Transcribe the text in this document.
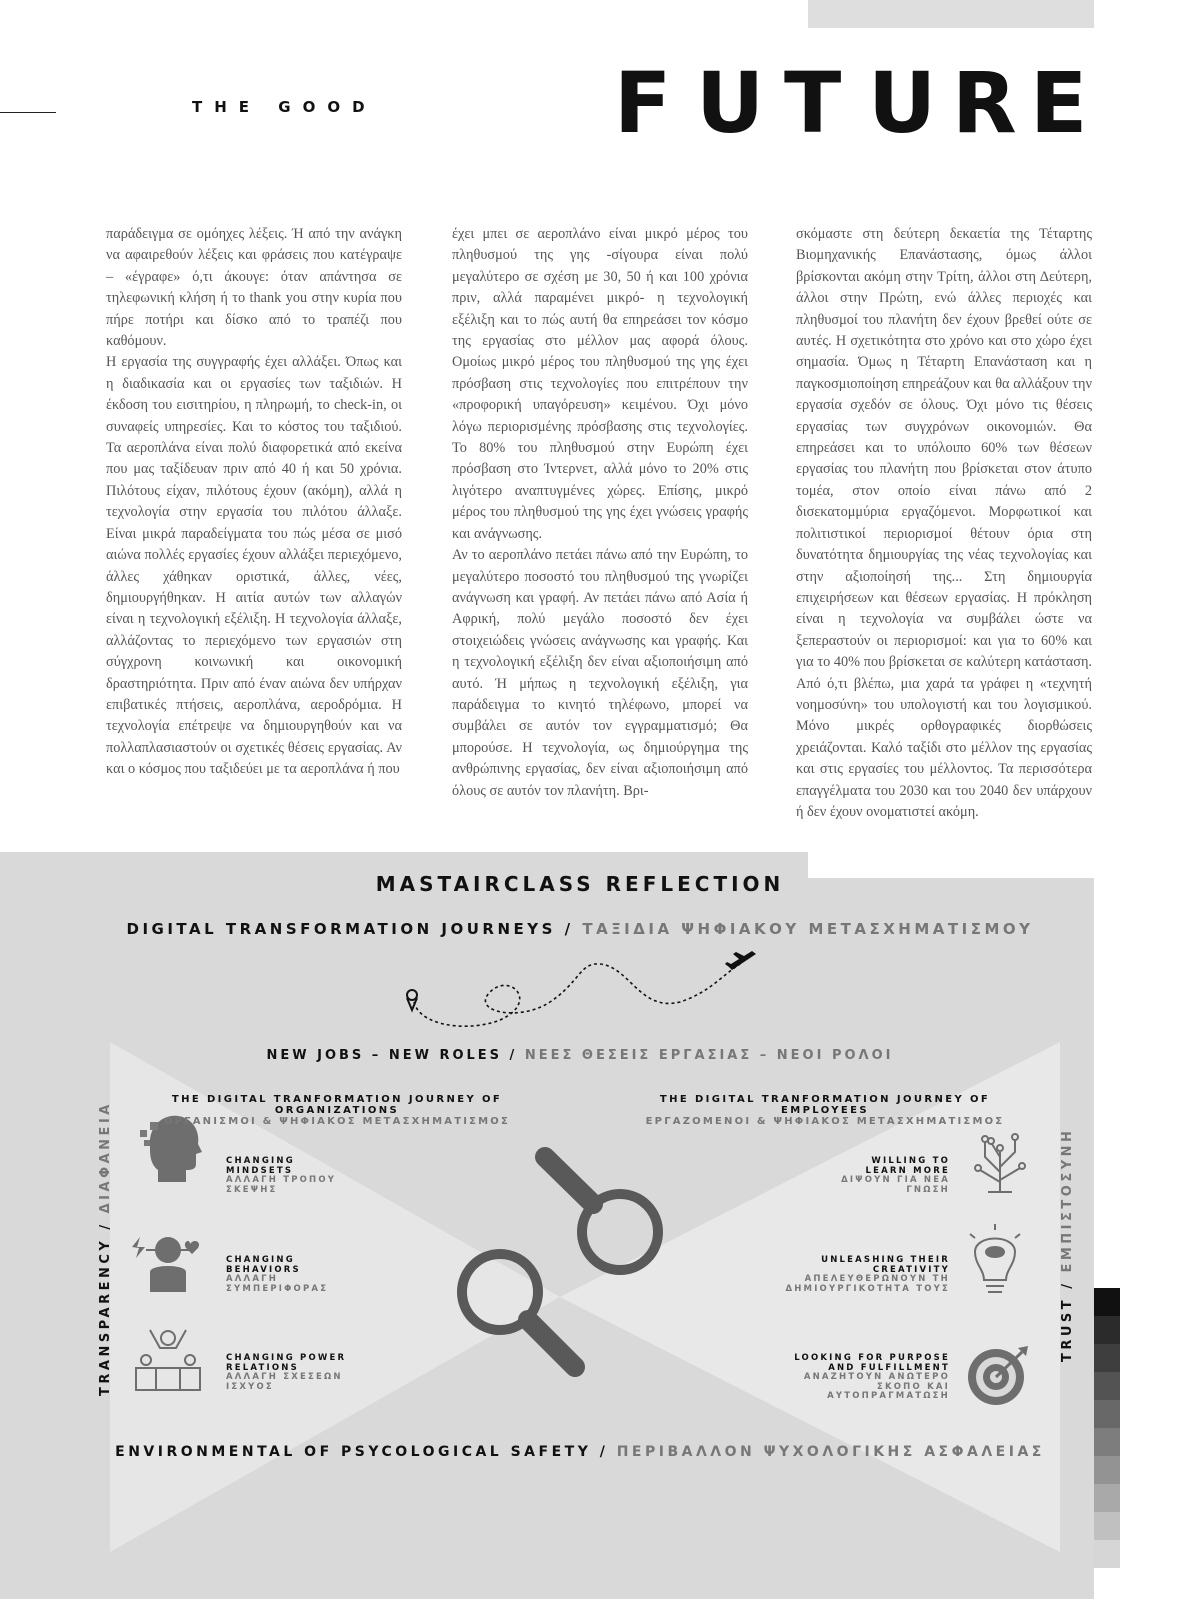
THE GOOD	F U T U R E

παράδειγμα σε ομόηχες λέξεις. Ή από την ανάγκη να αφαιρεθούν λέξεις και φράσεις που κατέγραψε – «έγραφε» ό,τι άκουγε: όταν απάντησα σε τηλεφωνική κλήση ή το thank you στην κυρία που πήρε ποτήρι και δίσκο από το τραπέζι που καθόμουν.

Η εργασία της συγγραφής έχει αλλάξει. Όπως και η διαδικασία και οι εργασίες των ταξιδιών. Η έκδοση του εισιτηρίου, η πληρωμή, το check-in, οι συναφείς υπηρεσίες. Και το κόστος του ταξιδιού. Τα αεροπλάνα είναι πολύ διαφορετικά από εκείνα που μας ταξίδευαν πριν από 40 ή και 50 χρόνια. Πιλότους είχαν, πιλότους έχουν (ακόμη), αλλά η τεχνολογία στην εργασία του πιλότου άλλαξε. Είναι μικρά παραδείγματα του πώς μέσα σε μισό αιώνα πολλές εργασίες έχουν αλλάξει περιεχόμενο, άλλες χάθηκαν οριστικά, άλλες, νέες, δημιουργήθηκαν. Η αιτία αυτών των αλλαγών είναι η τεχνολογική εξέλιξη. Η τεχνολογία άλλαξε, αλλάζοντας το περιεχόμενο των εργασιών στη σύγχρονη κοινωνική και οικονομική δραστηριότητα. Πριν από έναν αιώνα δεν υπήρχαν επιβατικές πτήσεις, αεροπλάνα, αεροδρόμια. Η τεχνολογία επέτρεψε να δημιουργηθούν και να πολλαπλασιαστούν οι σχετικές θέσεις εργασίας. Αν και ο κόσμος που ταξιδεύει με τα αεροπλάνα ή που

έχει μπει σε αεροπλάνο είναι μικρό μέρος του πληθυσμού της γης -σίγουρα είναι πολύ μεγαλύτερο σε σχέση με 30, 50 ή και 100 χρόνια πριν, αλλά παραμένει μικρό- η τεχνολογική εξέλιξη και το πώς αυτή θα επηρεάσει τον κόσμο της εργασίας στο μέλλον μας αφορά όλους. Ομοίως μικρό μέρος του πληθυσμού της γης έχει πρόσβαση στις τεχνολογίες που επιτρέπουν την «προφορική υπαγόρευση» κειμένου. Όχι μόνο λόγω περιορισμένης πρόσβασης στις τεχνολογίες. Το 80% του πληθυσμού στην Ευρώπη έχει πρόσβαση στο Ίντερνετ, αλλά μόνο το 20% στις λιγότερο αναπτυγμένες χώρες. Επίσης, μικρό μέρος του πληθυσμού της γης έχει γνώσεις γραφής και ανάγνωσης.

Αν το αεροπλάνο πετάει πάνω από την Ευρώπη, το μεγαλύτερο ποσοστό του πληθυσμού της γνωρίζει ανάγνωση και γραφή. Αν πετάει πάνω από Ασία ή Αφρική, πολύ μεγάλο ποσοστό δεν έχει στοιχειώδεις γνώσεις ανάγνωσης και γραφής. Και η τεχνολογική εξέλιξη δεν είναι αξιοποιήσιμη από αυτό. Ή μήπως η τεχνολογική εξέλιξη, για παράδειγμα το κινητό τηλέφωνο, μπορεί να συμβάλει σε αυτόν τον εγγραμματισμό; Θα μπορούσε. Η τεχνολογία, ως δημιούργημα της ανθρώπινης εργασίας, δεν είναι αξιοποιήσιμη από όλους σε αυτόν τον πλανήτη. Βρι-

σκόμαστε στη δεύτερη δεκαετία της Τέταρτης Βιομηχανικής Επανάστασης, όμως άλλοι βρίσκονται ακόμη στην Τρίτη, άλλοι στη Δεύτερη, άλλοι στην Πρώτη, ενώ άλλες περιοχές και πληθυσμοί του πλανήτη δεν έχουν βρεθεί ούτε σε αυτές. Η σχετικότητα στο χρόνο και στο χώρο έχει σημασία. Όμως η Τέταρτη Επανάσταση και η παγκοσμιοποίηση επηρεάζουν και θα αλλάξουν την εργασία σχεδόν σε όλους. Όχι μόνο τις θέσεις εργασίας των συγχρόνων οικονομιών. Θα επηρεάσει και το υπόλοιπο 60% των θέσεων εργασίας του πλανήτη που βρίσκεται στον άτυπο τομέα, στον οποίο είναι πάνω από 2 δισεκατομμύρια εργαζόμενοι. Μορφωτικοί και πολιτιστικοί περιορισμοί θέτουν όρια στη δυνατότητα δημιουργίας της νέας τεχνολογίας και στην αξιοποίησή της... Στη δημιουργία επιχειρήσεων και θέσεων εργασίας. Η πρόκληση είναι η τεχνολογία να συμβάλει ώστε να ξεπεραστούν οι περιορισμοί: και για το 60% και για το 40% που βρίσκεται σε καλύτερη κατάσταση. Από ό,τι βλέπω, μια χαρά τα γράφει η «τεχνητή νοημοσύνη» του υπολογιστή και του λογισμικού. Μόνο μικρές ορθογραφικές διορθώσεις χρειάζονται. Καλό ταξίδι στο μέλλον της εργασίας και στις εργασίες του μέλλοντος. Τα περισσότερα επαγγέλματα του 2030 και του 2040 δεν υπάρχουν ή δεν έχουν ονοματιστεί ακόμη.

MASTAIRCLASS REFLECTION
DIGITAL TRANSFORMATION JOURNEYS / ΤΑΞΙΔΙΑ ΨΗΦΙΑΚΟΥ ΜΕΤΑΣΧΗΜΑΤΙΣΜΟΥ
NEW JOBS – NEW ROLES / ΝΕΕΣ ΘΕΣΕΙΣ ΕΡΓΑΣΙΑΣ – ΝΕΟΙ ΡΟΛΟΙ
THE DIGITAL TRANFORMATION JOURNEY OF ORGANIZATIONS
ΟΡΓΑΝΙΣΜΟΙ & ΨΗΦΙΑΚΟΣ ΜΕΤΑΣΧΗΜΑΤΙΣΜΟΣ
THE DIGITAL TRANFORMATION JOURNEY OF EMPLOYEES
ΕΡΓΑΖΟΜΕΝΟΙ & ΨΗΦΙΑΚΟΣ ΜΕΤΑΣΧΗΜΑΤΙΣΜΟΣ
CHANGING MINDSETS
ΑΛΛΑΓΗ ΤΡΟΠΟΥ ΣΚΕΨΗΣ
CHANGING BEHAVIORS
ΑΛΛΑΓΗ ΣΥΜΠΕΡΙΦΟΡΑΣ
CHANGING POWER RELATIONS
ΑΛΛΑΓΗ ΣΧΕΣΕΩΝ ΙΣΧΥΟΣ
WILLING TO LEARN MORE
ΔΙΨΟΥΝ ΓΙΑ ΝΕΑ ΓΝΩΣΗ
UNLEASHING THEIR CREATIVITY
ΑΠΕΛΕΥΘΕΡΩΝΟΥΝ ΤΗ ΔΗΜΙΟΥΡΓΙΚΟΤΗΤΑ ΤΟΥΣ
LOOKING FOR PURPOSE AND FULFILLMENT
ΑΝΑΖΗΤΟΥΝ ΑΝΩΤΕΡΟ ΣΚΟΠΟ ΚΑΙ ΑΥΤΟΠΡΑΓΜΑΤΩΣΗ
TRANSPARENCY / ΔΙΑΦΑΝΕΙΑ
TRUST / ΕΜΠΙΣΤΟΣΥΝΗ
ENVIRONMENTAL OF PSYCOLOGICAL SAFETY / ΠΕΡΙΒΑΛΛΟΝ ΨΥΧΟΛΟΓΙΚΗΣ ΑΣΦΑΛΕΙΑΣ
